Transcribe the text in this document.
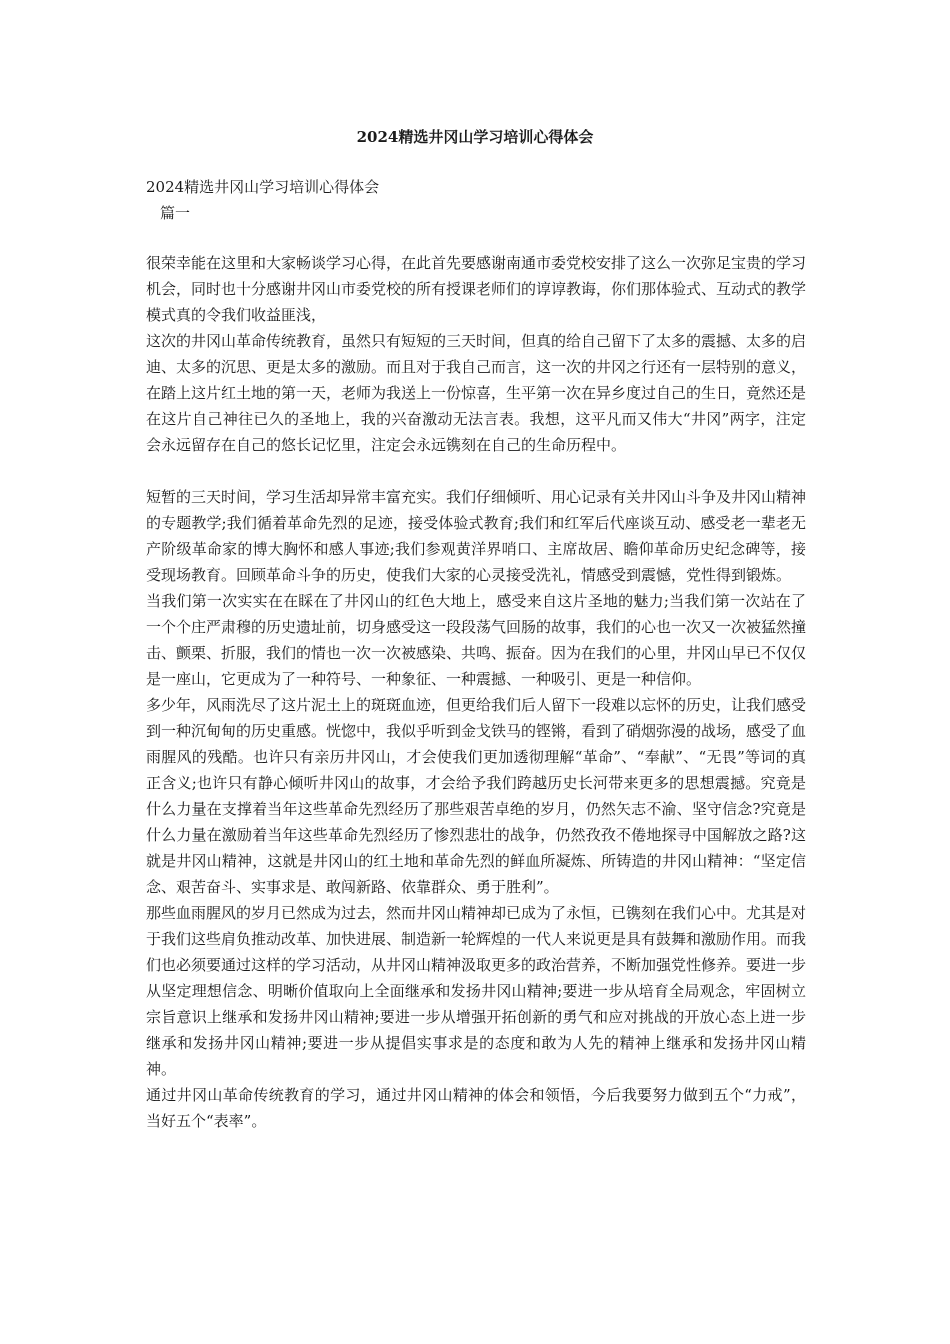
2024精选井冈山学习培训心得体会
2024精选井冈山学习培训心得体会
篇一

很荣幸能在这里和大家畅谈学习心得，在此首先要感谢南通市委党校安排了这么一次弥足宝贵的学习机会，同时也十分感谢井冈山市委党校的所有授课老师们的谆谆教诲，你们那体验式、互动式的教学模式真的令我们收益匪浅，

这次的井冈山革命传统教育，虽然只有短短的三天时间，但真的给自己留下了太多的震撼、太多的启迪、太多的沉思、更是太多的激励。而且对于我自己而言，这一次的井冈之行还有一层特别的意义，在踏上这片红土地的第一天，老师为我送上一份惊喜，生平第一次在异乡度过自己的生日，竟然还是在这片自己神往已久的圣地上，我的兴奋激动无法言表。我想，这平凡而又伟大“井冈”两字，注定会永远留存在自己的悠长记忆里，注定会永远镌刻在自己的生命历程中。

短暂的三天时间，学习生活却异常丰富充实。我们仔细倾听、用心记录有关井冈山斗争及井冈山精神的专题教学;我们循着革命先烈的足迹，接受体验式教育;我们和红军后代座谈互动、感受老一辈老无产阶级革命家的博大胸怀和感人事迹;我们参观黄洋界哨口、主席故居、瞻仰革命历史纪念碑等，接受现场教育。回顾革命斗争的历史，使我们大家的心灵接受洗礼，情感受到震憾，党性得到锻炼。

当我们第一次实实在在睬在了井冈山的红色大地上，感受来自这片圣地的魅力;当我们第一次站在了一个个庄严肃穆的历史遗址前，切身感受这一段段荡气回肠的故事，我们的心也一次又一次被猛然撞击、颤栗、折服，我们的情也一次一次被感染、共鸣、振奋。因为在我们的心里，井冈山早已不仅仅是一座山，它更成为了一种符号、一种象征、一种震撼、一种吸引、更是一种信仰。

多少年，风雨洗尽了这片泥土上的斑斑血迹，但更给我们后人留下一段难以忘怀的历史，让我们感受到一种沉甸甸的历史重感。恍惚中，我似乎听到金戈铁马的铿锵，看到了硝烟弥漫的战场，感受了血雨腥风的残酷。也许只有亲历井冈山，才会使我们更加透彻理解“革命”、“奉献”、“无畏”等词的真正含义;也许只有静心倾听井冈山的故事，才会给予我们跨越历史长河带来更多的思想震撼。究竟是什么力量在支撑着当年这些革命先烈经历了那些艰苦卓绝的岁月，仍然矢志不渝、坚守信念?究竟是什么力量在激励着当年这些革命先烈经历了惨烈悲壮的战争，仍然孜孜不倦地探寻中国解放之路?这就是井冈山精神，这就是井冈山的红土地和革命先烈的鲜血所凝炼、所铸造的井冈山精神：“坚定信念、艰苦奋斗、实事求是、敢闯新路、依靠群众、勇于胜利”。

那些血雨腥风的岁月已然成为过去，然而井冈山精神却已成为了永恒，已镌刻在我们心中。尤其是对于我们这些肩负推动改革、加快进展、制造新一轮辉煌的一代人来说更是具有鼓舞和激励作用。而我们也必须要通过这样的学习活动，从井冈山精神汲取更多的政治营养，不断加强党性修养。要进一步从坚定理想信念、明晰价值取向上全面继承和发扬井冈山精神;要进一步从培育全局观念，牢固树立宗旨意识上继承和发扬井冈山精神;要进一步从增强开拓创新的勇气和应对挑战的开放心态上进一步继承和发扬井冈山精神;要进一步从提倡实事求是的态度和敢为人先的精神上继承和发扬井冈山精神。

通过井冈山革命传统教育的学习，通过井冈山精神的体会和领悟，今后我要努力做到五个“力戒”，当好五个“表率”。
